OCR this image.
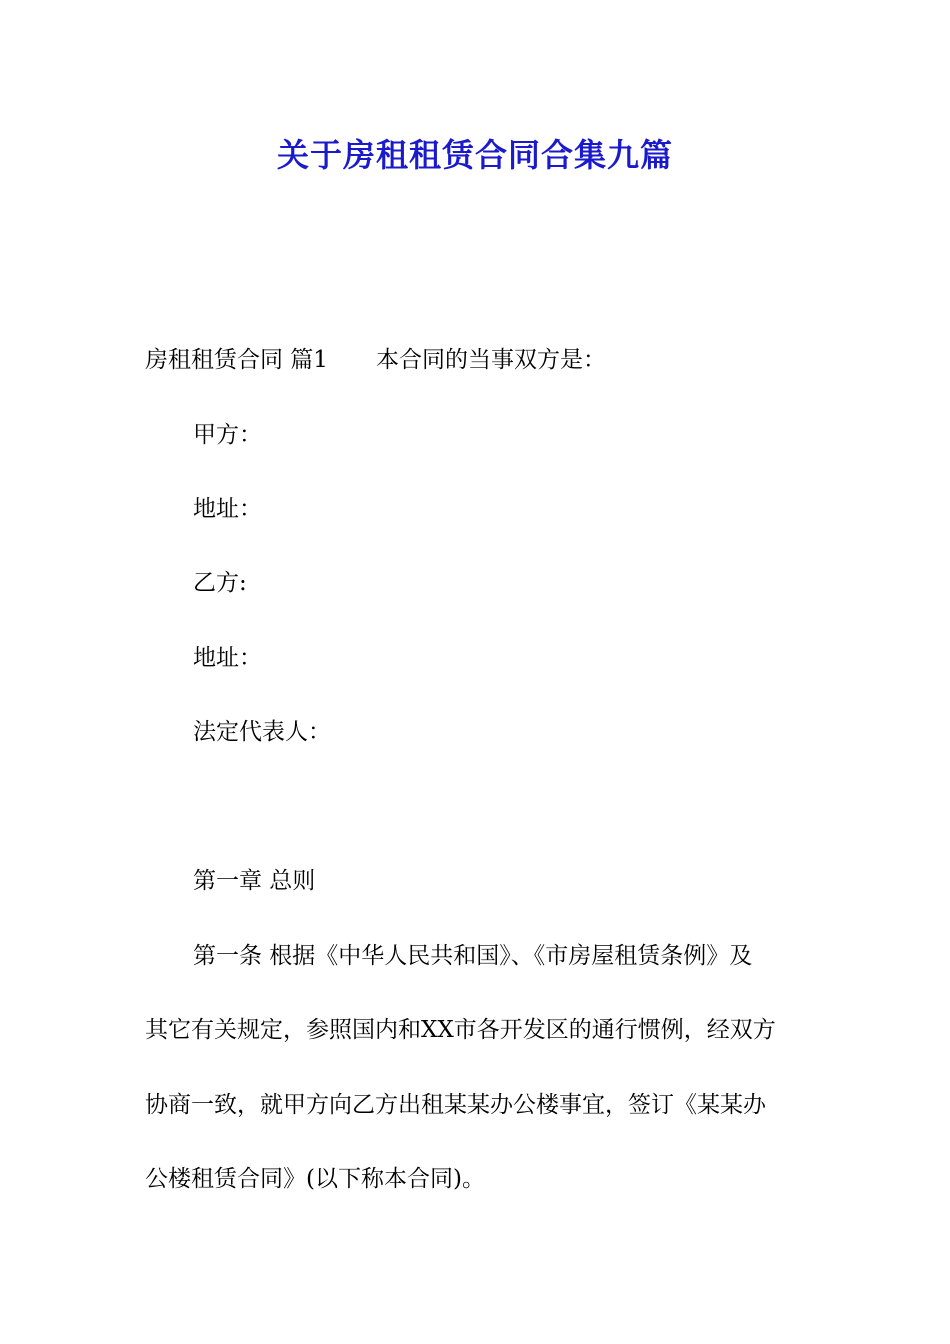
关于房租租赁合同合集九篇

房租租赁合同 篇1 本合同的当事双方是：

甲方：

地址：

乙方:

地址：

法定代表人：

第一章 总则

第一条 根据《中华人民共和国》、《市房屋租赁条例》及

其它有关规定，参照国内和XX市各开发区的通行惯例，经双方

协商一致，就甲方向乙方出租某某办公楼事宜，签订《某某办

公楼租赁合同》(以下称本合同)。
